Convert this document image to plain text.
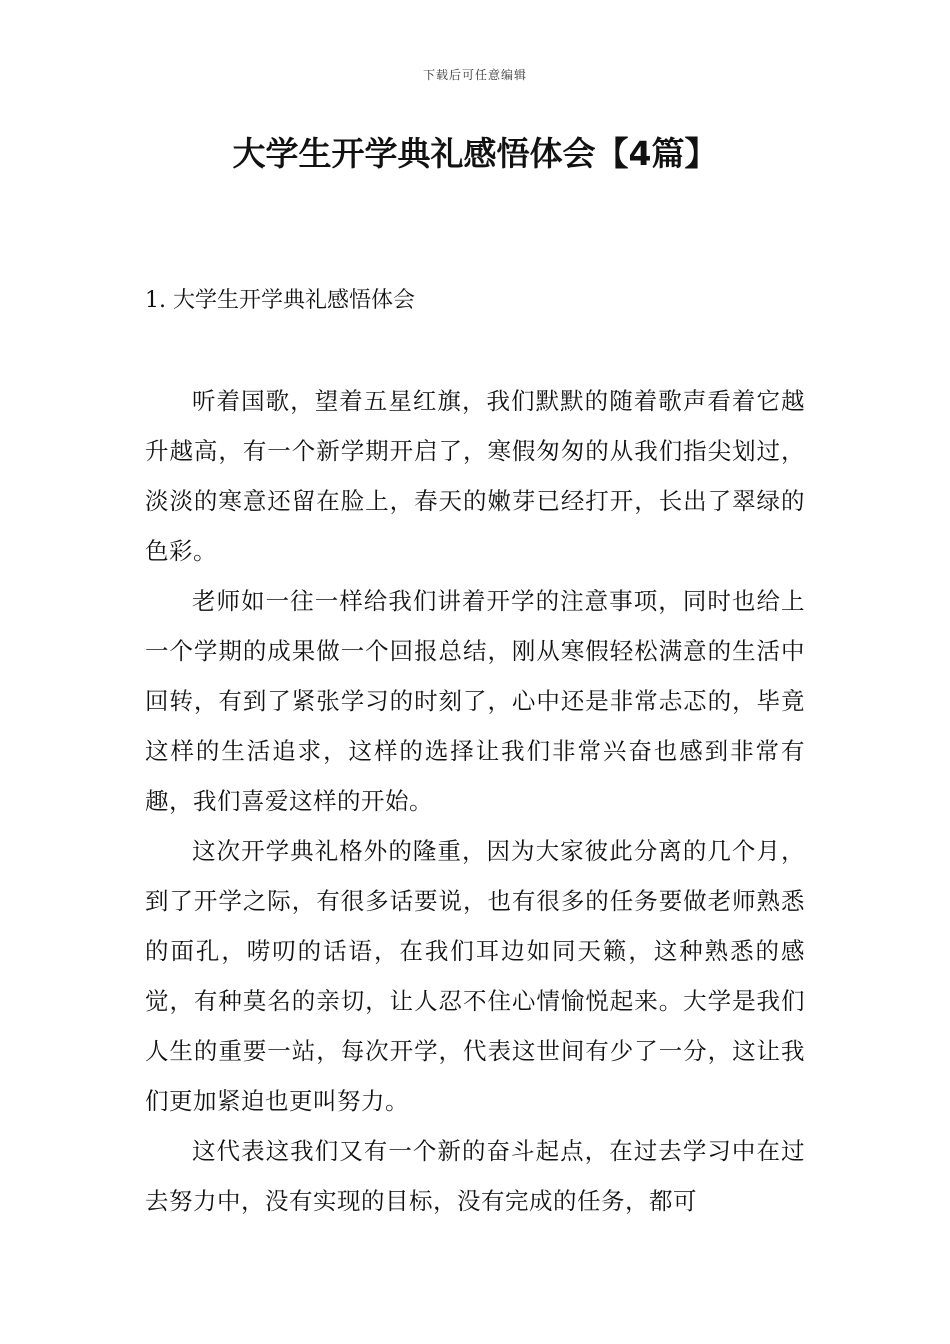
下载后可任意编辑
大学生开学典礼感悟体会【4篇】
1. 大学生开学典礼感悟体会

听着国歌，望着五星红旗，我们默默的随着歌声看着它越升越高，有一个新学期开启了，寒假匆匆的从我们指尖划过，淡淡的寒意还留在脸上，春天的嫩芽已经打开，长出了翠绿的色彩。

老师如一往一样给我们讲着开学的注意事项，同时也给上一个学期的成果做一个回报总结，刚从寒假轻松满意的生活中回转，有到了紧张学习的时刻了，心中还是非常忐忑的，毕竟这样的生活追求，这样的选择让我们非常兴奋也感到非常有趣，我们喜爱这样的开始。

这次开学典礼格外的隆重，因为大家彼此分离的几个月，到了开学之际，有很多话要说，也有很多的任务要做老师熟悉的面孔，唠叨的话语，在我们耳边如同天籁，这种熟悉的感觉，有种莫名的亲切，让人忍不住心情愉悦起来。大学是我们人生的重要一站，每次开学，代表这世间有少了一分，这让我们更加紧迫也更叫努力。

这代表这我们又有一个新的奋斗起点，在过去学习中在过去努力中，没有实现的目标，没有完成的任务，都可
